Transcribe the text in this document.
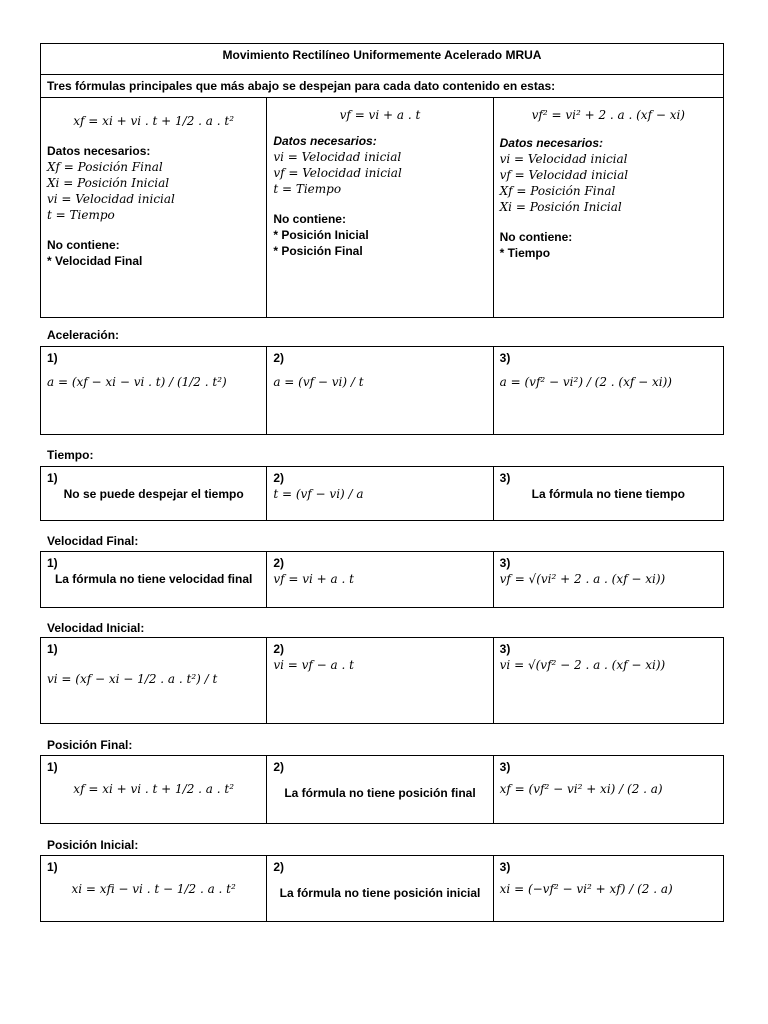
Movimiento Rectilíneo Uniformemente Acelerado MRUA
Tres fórmulas principales que más abajo se despejan para cada dato contenido en estas:

xf = xi + vi . t + 1/2 . a . t²
Datos necesarios:
Xf = Posición Final
Xi = Posición Inicial
vi = Velocidad inicial
t = Tiempo
No contiene:
* Velocidad Final

vf = vi + a . t
Datos necesarios:
vi = Velocidad inicial
vf = Velocidad inicial
t = Tiempo
No contiene:
* Posición Inicial
* Posición Final

vf² = vi² + 2 . a . (xf − xi)
Datos necesarios:
vi = Velocidad inicial
vf = Velocidad inicial
Xf = Posición Final
Xi = Posición Inicial
No contiene:
* Tiempo
Aceleración:
1)
a = (xf − xi − vi . t) / (1/2 . t²)

2)
a = (vf − vi) / t

3)
a = (vf² − vi²) / (2 . (xf − xi))
Tiempo:
1)
No se puede despejar el tiempo

2)
t = (vf − vi) / a

3)
La fórmula no tiene tiempo
Velocidad Final:
1)
La fórmula no tiene velocidad final

2)
vf = vi + a . t

3)
vf = √(vi² + 2 . a . (xf − xi))
Velocidad Inicial:
1)
vi = (xf − xi − 1/2 . a . t²) / t

2)
vi = vf − a . t

3)
vi = √(vf² − 2 . a . (xf − xi))
Posición Final:
1)
xf = xi + vi . t + 1/2 . a . t²

2)
La fórmula no tiene posición final

3)
xf = (vf² − vi² + xi) / (2 . a)
Posición Inicial:
1)
xi = xfi − vi . t − 1/2 . a . t²

2)
La fórmula no tiene posición inicial

3)
xi = (−vf² − vi² + xf) / (2 . a)
